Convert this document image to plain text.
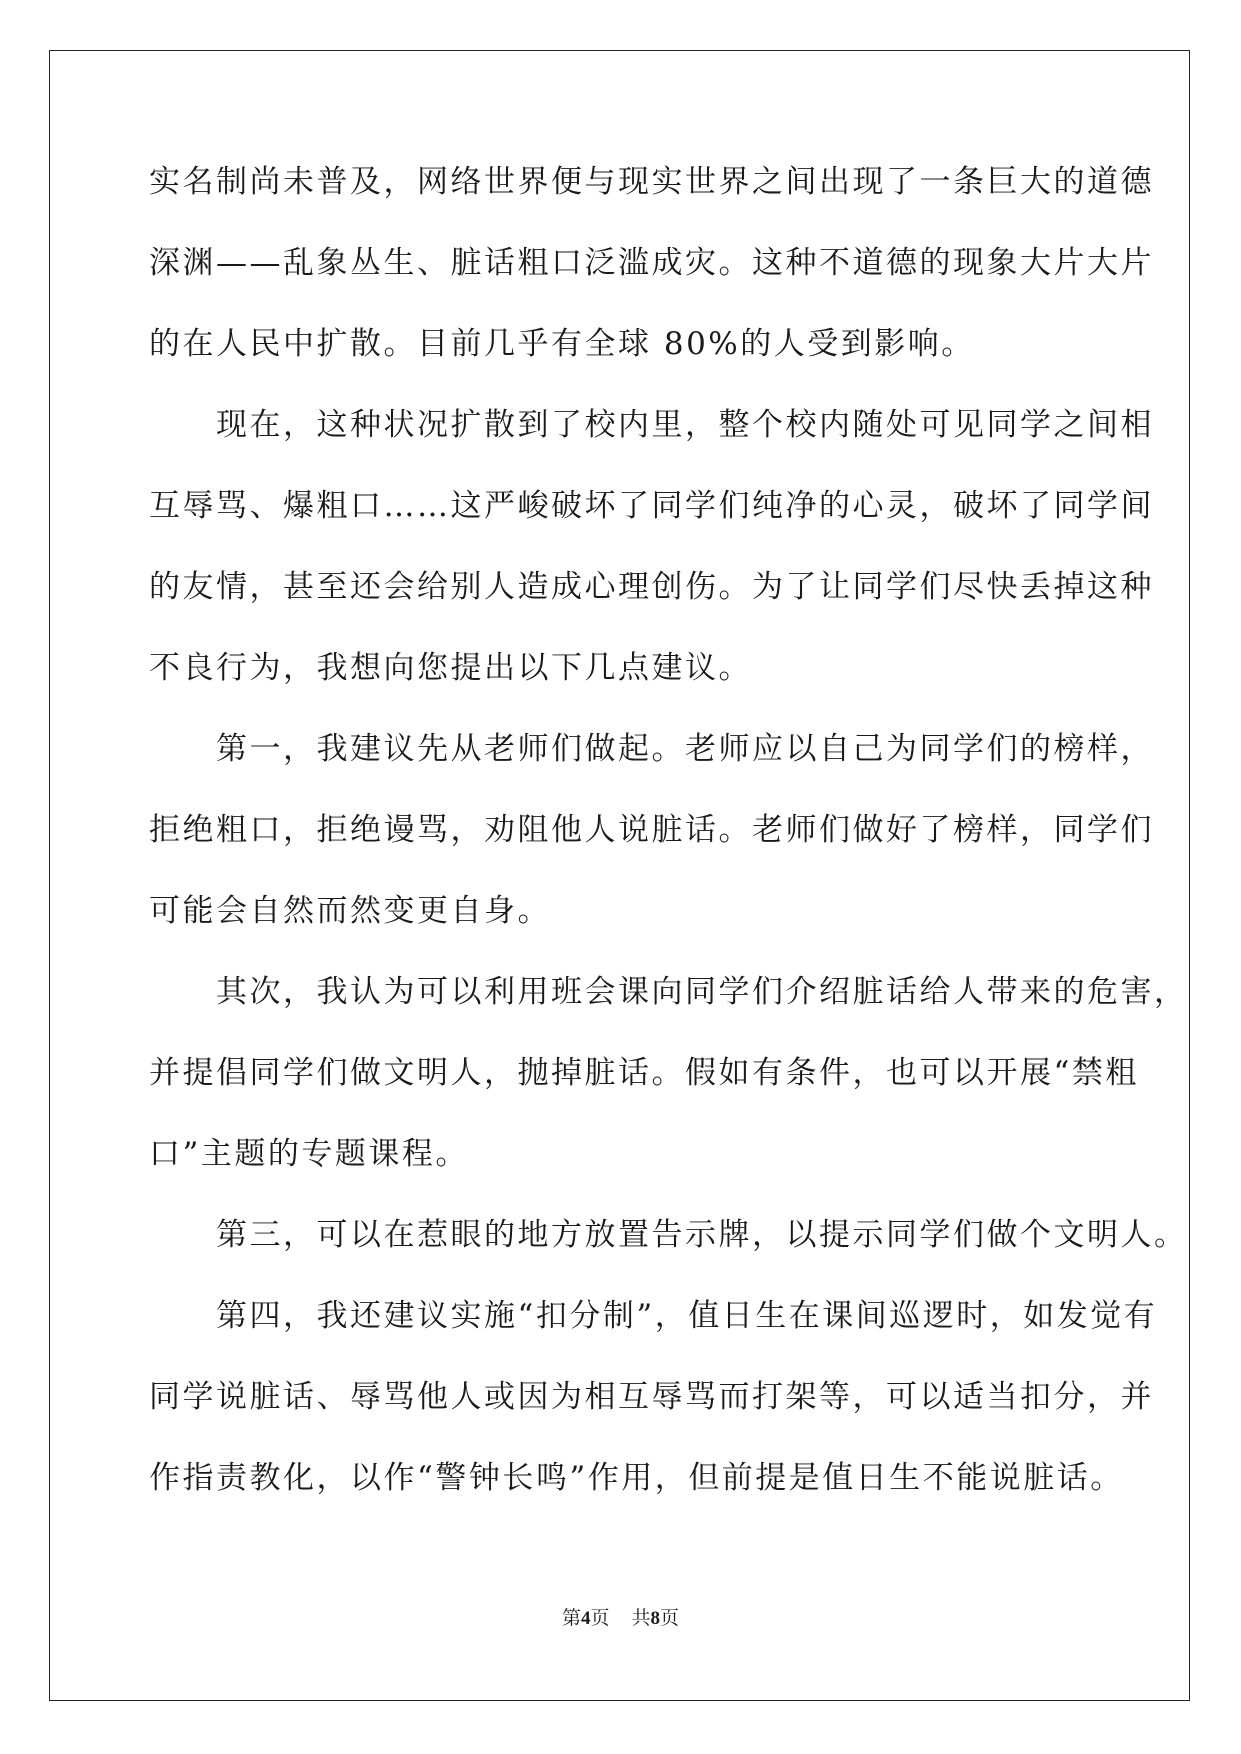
实名制尚未普及，网络世界便与现实世界之间出现了一条巨大的道德
深渊——乱象丛生、脏话粗口泛滥成灾。这种不道德的现象大片大片
的在人民中扩散。目前几乎有全球 80%的人受到影响。
　　现在，这种状况扩散到了校内里，整个校内随处可见同学之间相
互辱骂、爆粗口……这严峻破坏了同学们纯净的心灵，破坏了同学间
的友情，甚至还会给别人造成心理创伤。为了让同学们尽快丢掉这种
不良行为，我想向您提出以下几点建议。
　　第一，我建议先从老师们做起。老师应以自己为同学们的榜样，
拒绝粗口，拒绝谩骂，劝阻他人说脏话。老师们做好了榜样，同学们
可能会自然而然变更自身。
　　其次，我认为可以利用班会课向同学们介绍脏话给人带来的危害，
并提倡同学们做文明人，抛掉脏话。假如有条件，也可以开展“禁粗
口”主题的专题课程。
　　第三，可以在惹眼的地方放置告示牌，以提示同学们做个文明人。
　　第四，我还建议实施“扣分制”，值日生在课间巡逻时，如发觉有
同学说脏话、辱骂他人或因为相互辱骂而打架等，可以适当扣分，并
作指责教化，以作“警钟长鸣”作用，但前提是值日生不能说脏话。
第4页 共8页
